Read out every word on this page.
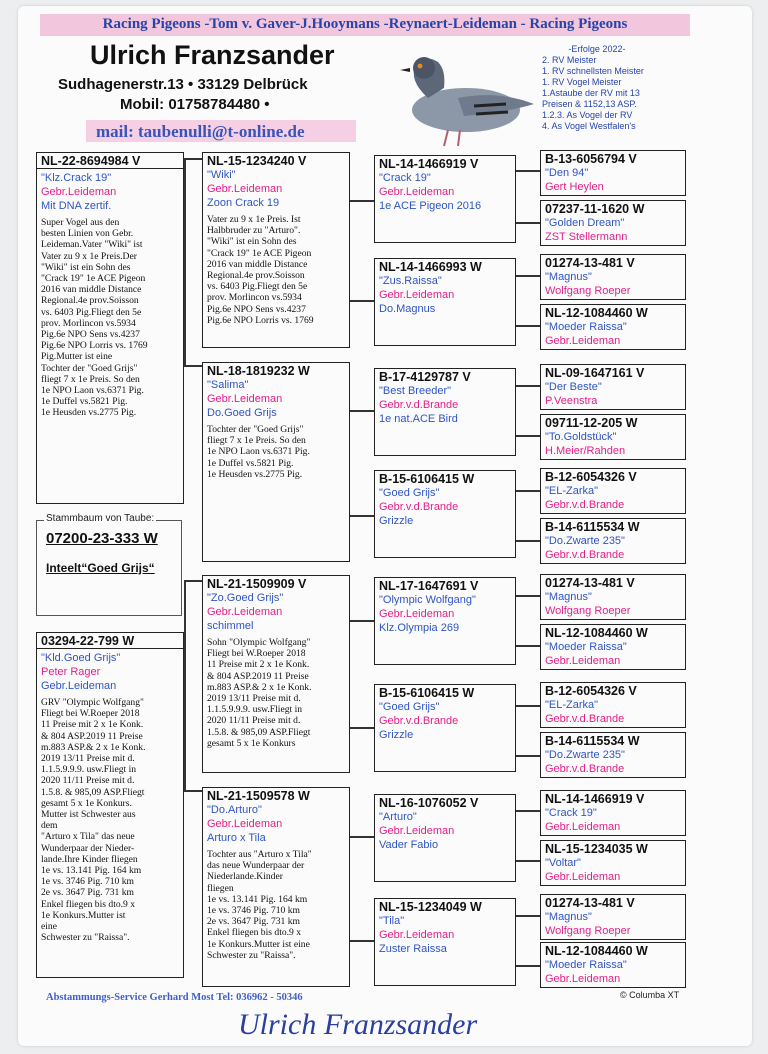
Racing Pigeons -Tom v. Gaver-J.Hooymans -Reynaert-Leideman - Racing Pigeons
Ulrich Franzsander
Sudhagenerstr.13 • 33129 Delbrück
Mobil: 01758784480 •
mail: taubenulli@t-online.de
-Erfolge 2022-
2. RV Meister
1. RV schnellsten Meister
1. RV Vogel Meister
1.Astaube der RV mit 13
Preisen & 1152,13 ASP.
1.2.3. As Vogel der RV
4. As Vogel Westfalen's
NL-22-8694984 V
"Klz.Crack 19"
Gebr.Leideman
Mit DNA zertif.
Super Vogel aus den
besten Linien von Gebr.
Leideman.Vater "Wiki" ist
Vater zu 9 x 1e Preis.Der
"Wiki" ist ein Sohn des
"Crack 19" 1e ACE Pigeon
2016 van middle Distance
Regional.4e prov.Soisson
vs. 6403 Pig.Fliegt den 5e
prov. Morlincon vs.5934
Pig.6e NPO Sens vs.4237
Pig.6e NPO Lorris vs. 1769
Pig.Mutter ist eine
Tochter der "Goed Grijs"
fliegt 7 x 1e Preis. So den
1e NPO Laon vs.6371 Pig.
1e Duffel vs.5821 Pig.
1e Heusden vs.2775 Pig.
Stammbaum von Taube:
07200-23-333 W
Inteelt“Goed Grijs“
03294-22-799 W
"Kld.Goed Grijs"
Peter Rager
Gebr.Leideman
GRV "Olympic Wolfgang"
Fliegt bei W.Roeper 2018
11 Preise mit 2 x 1e Konk.
& 804 ASP.2019 11 Preise
m.883 ASP.& 2 x 1e Konk.
2019 13/11 Preise mit d.
1.1.5.9.9.9. usw.Fliegt in
2020 11/11 Preise mit d.
1.5.8. & 985,09 ASP.Fliegt
gesamt 5 x 1e Konkurs.
Mutter ist Schwester aus
dem
"Arturo x Tila" das neue
Wunderpaar der Nieder-
lande.Ihre Kinder fliegen
1e vs. 13.141 Pig. 164 km
1e vs. 3746 Pig. 710 km
2e vs. 3647 Pig. 731 km
Enkel fliegen bis dto.9 x
1e Konkurs.Mutter ist
eine
Schwester zu "Raissa".
NL-15-1234240 V
"Wiki"
Gebr.Leideman
Zoon Crack 19
Vater zu 9 x 1e Preis. Ist
Halbbruder zu "Arturo".
"Wiki" ist ein Sohn des
"Crack 19" 1e ACE Pigeon
2016 van middle Distance
Regional.4e prov.Soisson
vs. 6403 Pig.Fliegt den 5e
prov. Morlincon vs.5934
Pig.6e NPO Sens vs.4237
Pig.6e NPO Lorris vs. 1769
NL-18-1819232 W
"Salima"
Gebr.Leideman
Do.Goed Grijs
Tochter der "Goed Grijs"
fliegt 7 x 1e Preis. So den
1e NPO Laon vs.6371 Pig.
1e Duffel vs.5821 Pig.
1e Heusden vs.2775 Pig.
NL-21-1509909 V
"Zo.Goed Grijs"
Gebr.Leideman
schimmel
Sohn "Olympic Wolfgang"
Fliegt bei W.Roeper 2018
11 Preise mit 2 x 1e Konk.
& 804 ASP.2019 11 Preise
m.883 ASP.& 2 x 1e Konk.
2019 13/11 Preise mit d.
1.1.5.9.9.9. usw.Fliegt in
2020 11/11 Preise mit d.
1.5.8. & 985,09 ASP.Fliegt
gesamt 5 x 1e Konkurs
NL-21-1509578 W
"Do.Arturo"
Gebr.Leideman
Arturo x Tila
Tochter aus "Arturo x Tila"
das neue Wunderpaar der
Niederlande.Kinder
fliegen
1e vs. 13.141 Pig. 164 km
1e vs. 3746 Pig. 710 km
2e vs. 3647 Pig. 731 km
Enkel fliegen bis dto.9 x
1e Konkurs.Mutter ist eine
Schwester zu "Raissa".
NL-14-1466919 V
"Crack 19"
Gebr.Leideman
1e ACE Pigeon 2016
NL-14-1466993 W
"Zus.Raissa"
Gebr.Leideman
Do.Magnus
B-17-4129787 V
"Best Breeder"
Gebr.v.d.Brande
1e nat.ACE Bird
B-15-6106415 W
"Goed Grijs"
Gebr.v.d.Brande
Grizzle
NL-17-1647691 V
"Olympic Wolfgang"
Gebr.Leideman
Klz.Olympia 269
B-15-6106415 W
"Goed Grijs"
Gebr.v.d.Brande
Grizzle
NL-16-1076052 V
"Arturo"
Gebr.Leideman
Vader Fabio
NL-15-1234049 W
"Tila"
Gebr.Leideman
Zuster Raissa
B-13-6056794 V
"Den 94"
Gert Heylen
07237-11-1620 W
"Golden Dream"
ZST Stellermann
01274-13-481 V
"Magnus"
Wolfgang Roeper
NL-12-1084460 W
"Moeder Raissa"
Gebr.Leideman
NL-09-1647161 V
"Der Beste"
P.Veenstra
09711-12-205 W
"To.Goldstück"
H.Meier/Rahden
B-12-6054326 V
"EL-Zarka"
Gebr.v.d.Brande
B-14-6115534 W
"Do.Zwarte 235"
Gebr.v.d.Brande
01274-13-481 V
"Magnus"
Wolfgang Roeper
NL-12-1084460 W
"Moeder Raissa"
Gebr.Leideman
B-12-6054326 V
"EL-Zarka"
Gebr.v.d.Brande
B-14-6115534 W
"Do.Zwarte 235"
Gebr.v.d.Brande
NL-14-1466919 V
"Crack 19"
Gebr.Leideman
NL-15-1234035 W
"Voltar"
Gebr.Leideman
01274-13-481 V
"Magnus"
Wolfgang Roeper
NL-12-1084460 W
"Moeder Raissa"
Gebr.Leideman
Abstammungs-Service Gerhard Most Tel: 036962 - 50346	© Columba XT
Ulrich Franzsander
